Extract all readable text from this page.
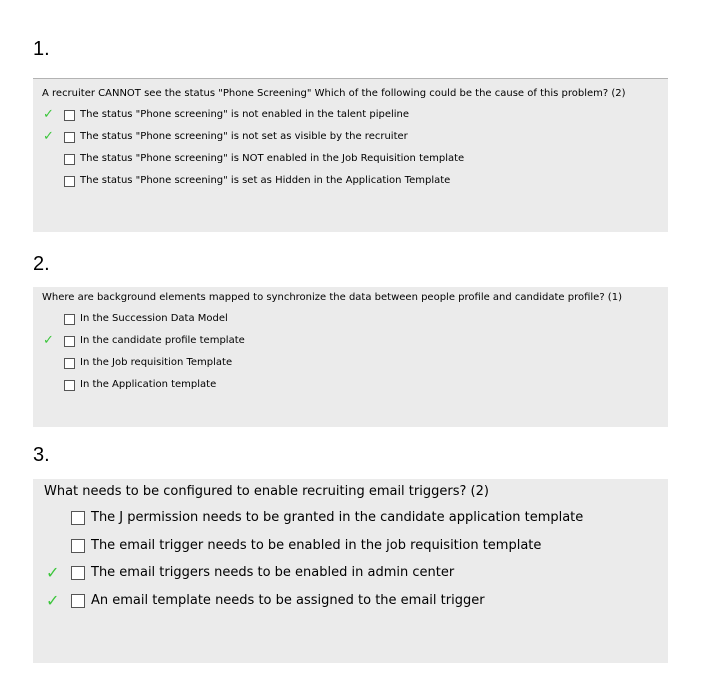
1.
A recruiter CANNOT see the status "Phone Screening" Which of the following could be the cause of this problem? (2)
✓	The status "Phone screening" is not enabled in the talent pipeline
✓	The status "Phone screening" is not set as visible by the recruiter
The status "Phone screening" is NOT enabled in the Job Requisition template
The status "Phone screening" is set as Hidden in the Application Template
2.
Where are background elements mapped to synchronize the data between people profile and candidate profile? (1)
In the Succession Data Model
✓	In the candidate profile template
In the Job requisition Template
In the Application template
3.
What needs to be configured to enable recruiting email triggers? (2)
The J permission needs to be granted in the candidate application template
The email trigger needs to be enabled in the job requisition template
✓ The email triggers needs to be enabled in admin center
✓ An email template needs to be assigned to the email trigger
